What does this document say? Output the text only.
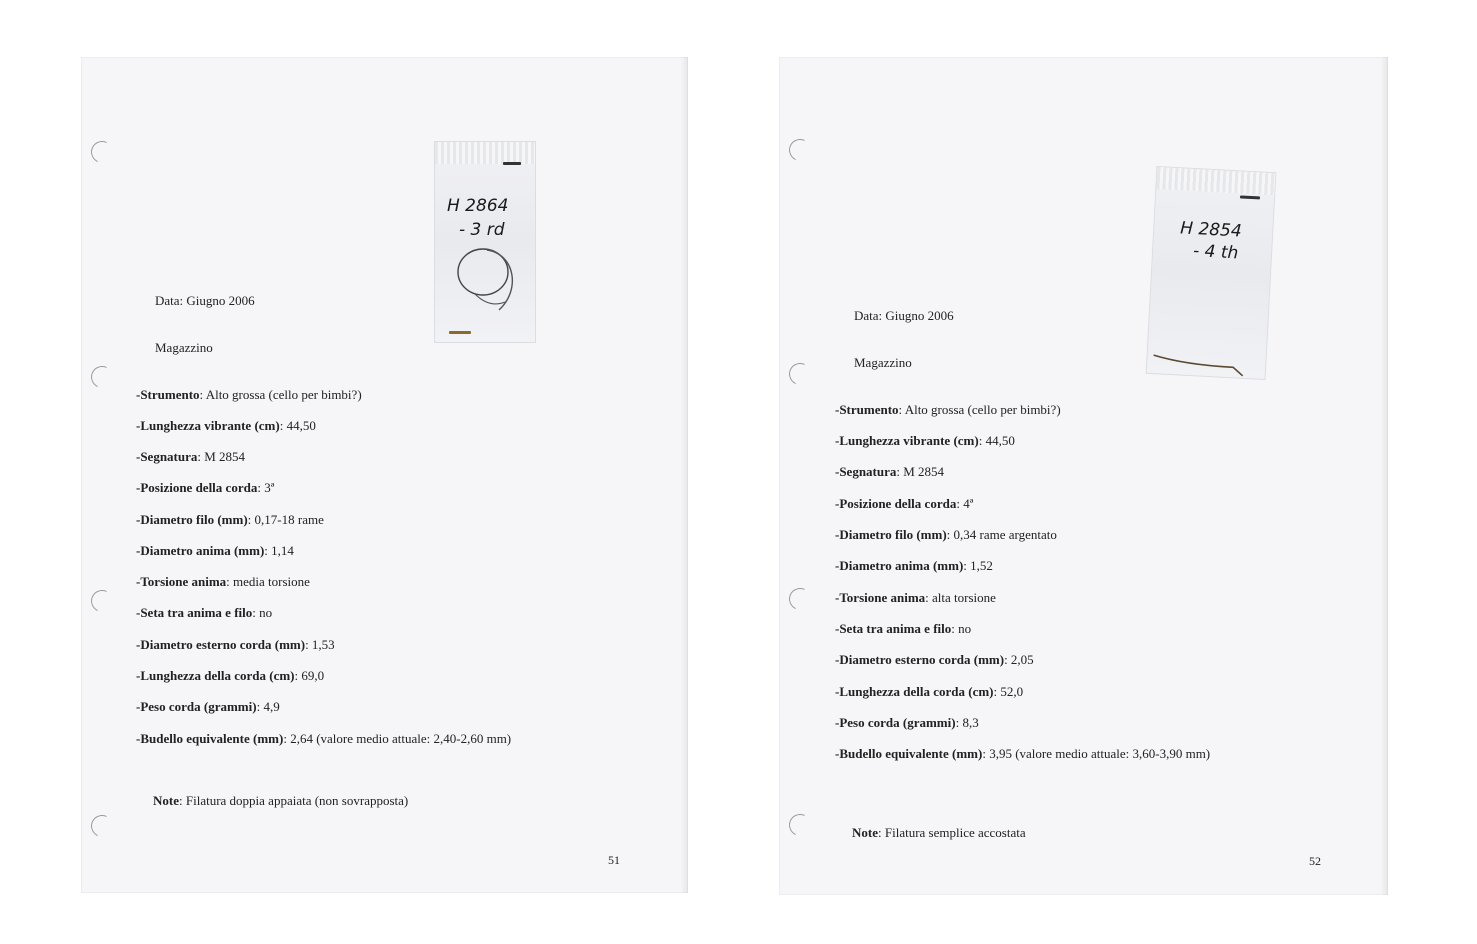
H 2864
- 3 rd
Data: Giugno 2006
Magazzino
-Strumento: Alto grossa (cello per bimbi?)
-Lunghezza vibrante (cm): 44,50
-Segnatura: M 2854
-Posizione della corda: 3ª
-Diametro filo (mm): 0,17-18 rame
-Diametro anima (mm): 1,14
-Torsione anima: media torsione
-Seta tra anima e filo: no
-Diametro esterno corda (mm): 1,53
-Lunghezza della corda (cm): 69,0
-Peso corda (grammi): 4,9
-Budello equivalente (mm): 2,64 (valore medio attuale: 2,40-2,60 mm)
Note: Filatura doppia appaiata (non sovrapposta)
51
H 2854
- 4 th
Data: Giugno 2006
Magazzino
-Strumento: Alto grossa (cello per bimbi?)
-Lunghezza vibrante (cm): 44,50
-Segnatura: M 2854
-Posizione della corda: 4ª
-Diametro filo (mm): 0,34 rame argentato
-Diametro anima (mm): 1,52
-Torsione anima: alta torsione
-Seta tra anima e filo: no
-Diametro esterno corda (mm): 2,05
-Lunghezza della corda (cm): 52,0
-Peso corda (grammi): 8,3
-Budello equivalente (mm): 3,95 (valore medio attuale: 3,60-3,90 mm)
Note: Filatura semplice accostata
52
